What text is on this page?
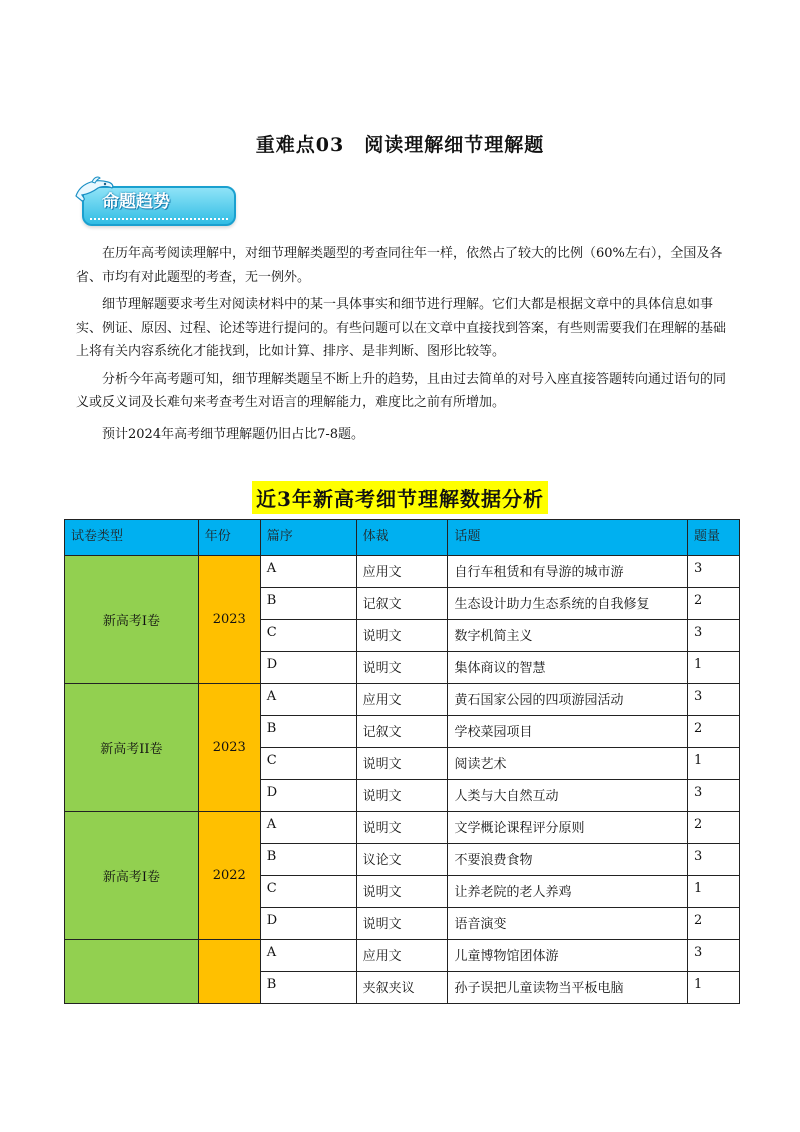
重难点03　阅读理解细节理解题
命题趋势

在历年高考阅读理解中，对细节理解类题型的考查同往年一样，依然占了较大的比例（60%左右），全国及各省、市均有对此题型的考查，无一例外。

细节理解题要求考生对阅读材料中的某一具体事实和细节进行理解。它们大都是根据文章中的具体信息如事实、例证、原因、过程、论述等进行提问的。有些问题可以在文章中直接找到答案，有些则需要我们在理解的基础上将有关内容系统化才能找到，比如计算、排序、是非判断、图形比较等。

分析今年高考题可知，细节理解类题呈不断上升的趋势，且由过去简单的对号入座直接答题转向通过语句的同义或反义词及长难句来考查考生对语言的理解能力，难度比之前有所增加。

预计2024年高考细节理解题仍旧占比7-8题。

近3年新高考细节理解数据分析
试卷类型	年份	篇序	体裁	话题	题量
新高考I卷	2023	A	应用文	自行车租赁和有导游的城市游	3
		B	记叙文	生态设计助力生态系统的自我修复	2
		C	说明文	数字机简主义	3
		D	说明文	集体商议的智慧	1
新高考II卷	2023	A	应用文	黄石国家公园的四项游园活动	3
		B	记叙文	学校菜园项目	2
		C	说明文	阅读艺术	1
		D	说明文	人类与大自然互动	3
新高考I卷	2022	A	说明文	文学概论课程评分原则	2
		B	议论文	不要浪费食物	3
		C	说明文	让养老院的老人养鸡	1
		D	说明文	语音演变	2
		A	应用文	儿童博物馆团体游	3
		B	夹叙夹议	孙子误把儿童读物当平板电脑	1
